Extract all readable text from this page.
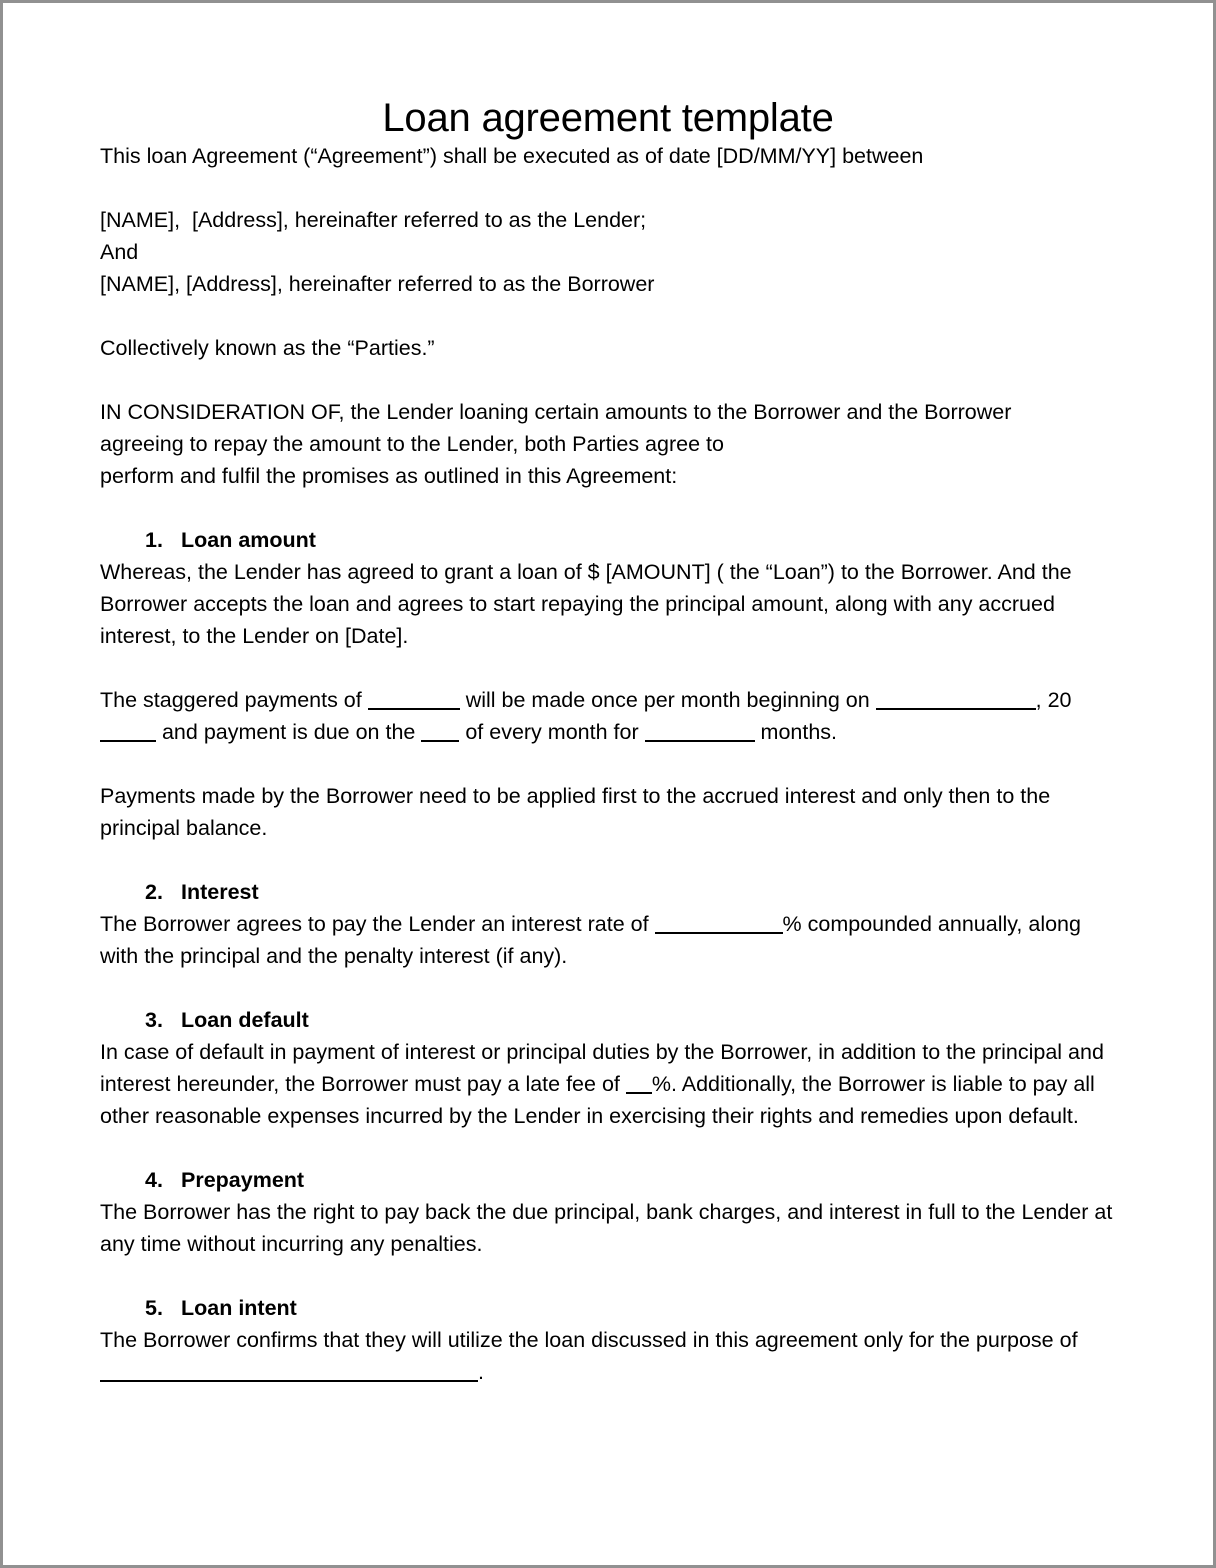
Loan agreement template

This loan Agreement (“Agreement”) shall be executed as of date [DD/MM/YY] between

[NAME],  [Address], hereinafter referred to as the Lender;

And

[NAME], [Address], hereinafter referred to as the Borrower

Collectively known as the “Parties.”

IN CONSIDERATION OF, the Lender loaning certain amounts to the Borrower and the Borrower

agreeing to repay the amount to the Lender, both Parties agree to

perform and fulfil the promises as outlined in this Agreement:

1. Loan amount

Whereas, the Lender has agreed to grant a loan of $ [AMOUNT] ( the “Loan”) to the Borrower. And the Borrower accepts the loan and agrees to start repaying the principal amount, along with any accrued interest, to the Lender on [Date].

The staggered payments of	will be made once per month beginning on	, 20 and payment is due on the  of every month for	months.

Payments made by the Borrower need to be applied first to the accrued interest and only then to the principal balance.

2. Interest

The Borrower agrees to pay the Lender an interest rate of	% compounded annually, along with the principal and the penalty interest (if any).

3. Loan default

In case of default in payment of interest or principal duties by the Borrower, in addition to the principal and interest hereunder, the Borrower must pay a late fee of %. Additionally, the Borrower is liable to pay all other reasonable expenses incurred by the Lender in exercising their rights and remedies upon default.

4. Prepayment

The Borrower has the right to pay back the due principal, bank charges, and interest in full to the Lender at any time without incurring any penalties.

5. Loan intent

The Borrower confirms that they will utilize the loan discussed in this agreement only for the purpose of  .
